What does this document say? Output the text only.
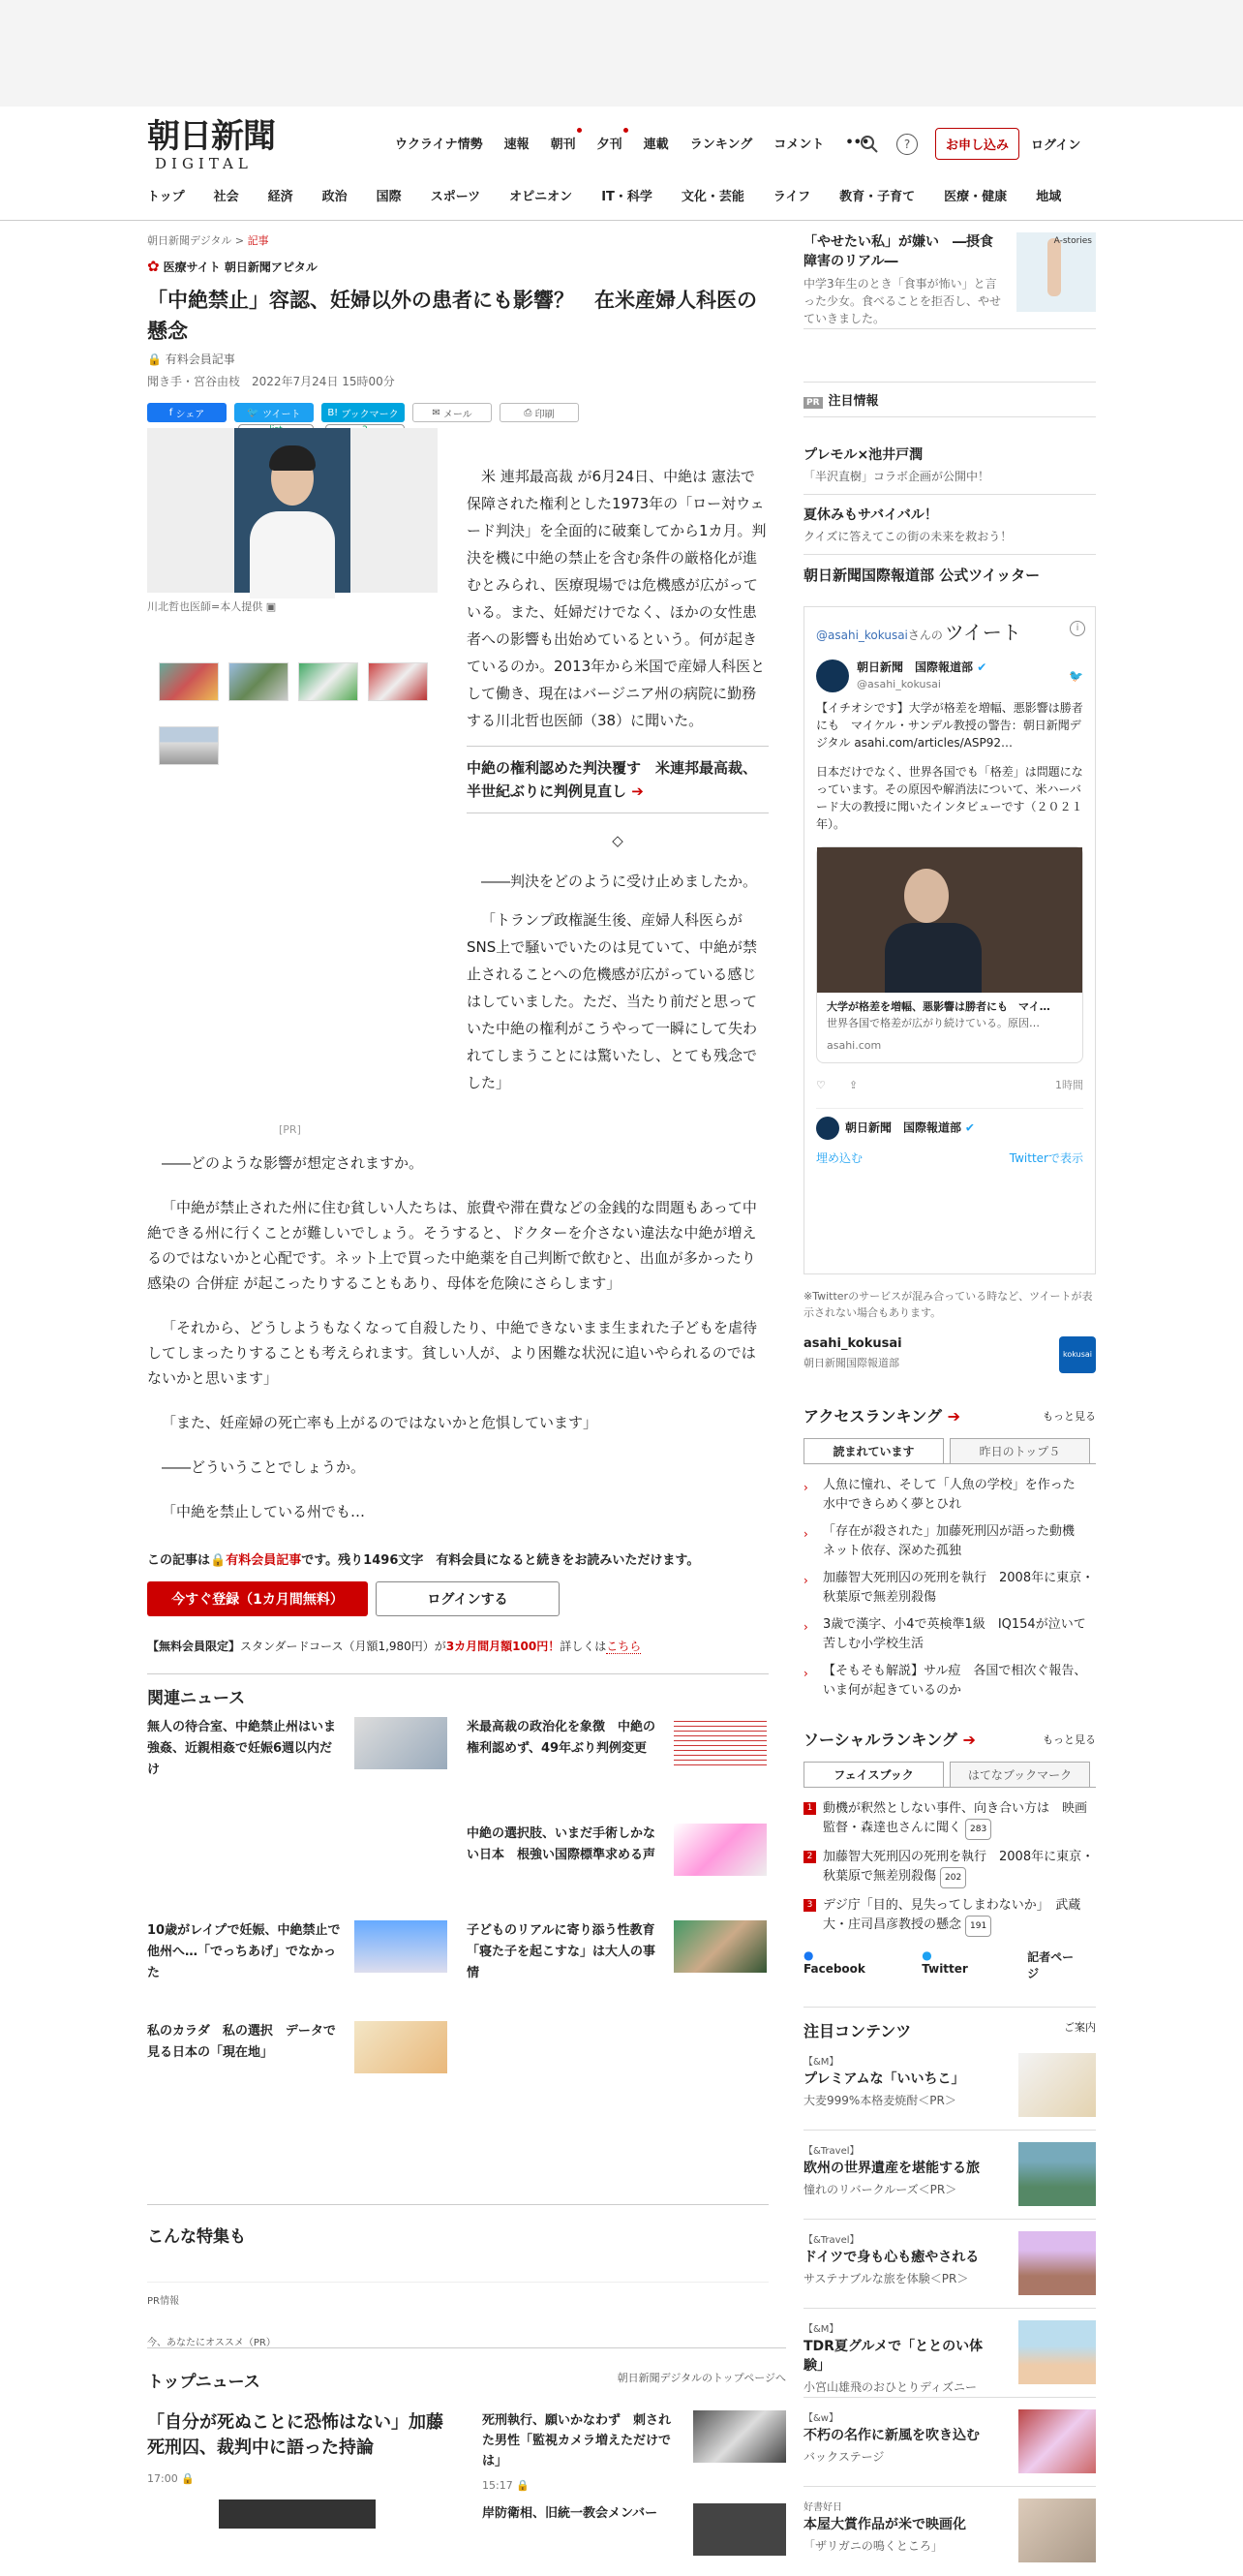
朝日新聞
DIGITAL
ウクライナ情勢 速報 朝刊 夕刊 連載 ランキング コメント •••	?	お申し込み	ログイン
トップ 社会 経済 政治 国際 スポーツ オピニオン IT・科学 文化・芸能 ライフ 教育・子育て 医療・健康 地域
朝日新聞デジタル > 記事
✿ 医療サイト 朝日新聞アピタル
「中絶禁止」容認、妊婦以外の患者にも影響？　在米産婦人科医の懸念
🔒 有料会員記事
聞き手・宮谷由枝　2022年7月24日 15時00分
f シェア	🐦 ツイート	B! ブックマーク	✉ メール	⎙ 印刷
川北哲也医師=本人提供 ▣
[PR]

米 連邦最高裁 が6月24日、中絶は 憲法で保障された権利とした1973年の「ロー対ウェード判決」を全面的に破棄してから1カ月。判決を機に中絶の禁止を含む条件の厳格化が進むとみられ、医療現場では危機感が広がっている。また、妊婦だけでなく、ほかの女性患者への影響も出始めているという。何が起きているのか。2013年から米国で産婦人科医として働き、現在はバージニア州の病院に勤務する川北哲也医師（38）に聞いた。

中絶の権利認めた判決覆す　米連邦最高裁、半世紀ぶりに判例見直し ➔
◇

――判決をどのように受け止めましたか。

「トランプ政権誕生後、産婦人科医らがSNS上で騒いでいたのは見ていて、中絶が禁止されることへの危機感が広がっている感じはしていました。ただ、当たり前だと思っていた中絶の権利がこうやって一瞬にして失われてしまうことには驚いたし、とても残念でした」

――どのような影響が想定されますか。

「中絶が禁止された州に住む貧しい人たちは、旅費や滞在費などの金銭的な問題もあって中絶できる州に行くことが難しいでしょう。そうすると、ドクターを介さない違法な中絶が増えるのではないかと心配です。ネット上で買った中絶薬を自己判断で飲むと、出血が多かったり感染の 合併症 が起こったりすることもあり、母体を危険にさらします」

「それから、どうしようもなくなって自殺したり、中絶できないまま生まれた子どもを虐待してしまったりすることも考えられます。貧しい人が、より困難な状況に追いやられるのではないかと思います」

「また、妊産婦の死亡率も上がるのではないかと危惧しています」

――どういうことでしょうか。

「中絶を禁止している州でも…

この記事は🔒有料会員記事です。残り1496文字　有料会員になると続きをお読みいただけます。
今すぐ登録（1カ月間無料）	ログインする
【無料会員限定】スタンダードコース（月額1,980円）が3カ月間月額100円！詳しくはこちら
関連ニュース
無人の待合室、中絶禁止州はいま　強姦、近親相姦で妊娠6週以内だけ
米最高裁の政治化を象徴　中絶の権利認めず、49年ぶり判例変更
中絶の選択肢、いまだ手術しかない日本　根強い国際標準求める声
10歳がレイプで妊娠、中絶禁止で他州へ…「でっちあげ」でなかった
子どものリアルに寄り添う性教育　「寝た子を起こすな」は大人の事情
私のカラダ　私の選択　データで見る日本の「現在地」
こんな特集も
PR情報
今、あなたにオススメ（PR）
トップニュース	朝日新聞デジタルのトップページへ
「自分が死ぬことに恐怖はない」加藤死刑囚、裁判中に語った持論
17:00 🔒
死刑執行、願いかなわず　刺された男性「監視カメラ増えただけでは」
15:17 🔒
岸防衛相、旧統一教会メンバー
「やせたい私」が嫌い　―摂食障害のリアル―
中学3年生のとき「食事が怖い」と言った少女。食べることを拒否し、やせていきました。
A-stories
PR 注目情報
プレモル×池井戸潤
「半沢直樹」コラボ企画が公開中！
夏休みもサバイバル！
クイズに答えてこの街の未来を救おう！
朝日新聞国際報道部 公式ツイッター
@asahi_kokusaiさんの ツイート	i
朝日新聞　国際報道部 ✔
@asahi_kokusai
🐦
【イチオシです】大学が格差を増幅、悪影響は勝者にも　マイケル・サンデル教授の警告：朝日新聞デジタル asahi.com/articles/ASP92…
日本だけでなく、世界各国でも「格差」は問題になっています。その原因や解消法について、米ハーバード大の教授に聞いたインタビューです（２０２１年）。
大学が格差を増幅、悪影響は勝者にも　マイ…
世界各国で格差が広がり続けている。原因…
asahi.com
♡ ⇪	1時間
朝日新聞　国際報道部 ✔
埋め込む	Twitterで表示
※Twitterのサービスが混み合っている時など、ツイートが表示されない場合もあります。
asahi_kokusai
朝日新聞国際報道部
kokusai
アクセスランキング ➔	もっと見る
読まれています	昨日のトップ５
› 人魚に憧れ、そして「人魚の学校」を作った　水中できらめく夢とひれ
› 「存在が殺された」加藤死刑囚が語った動機　ネット依存、深めた孤独
› 加藤智大死刑囚の死刑を執行　2008年に東京・秋葉原で無差別殺傷
› 3歳で漢字、小4で英検準1級　IQ154が泣いて苦しむ小学校生活
› 【そもそも解説】サル痘　各国で相次ぐ報告、いま何が起きているのか
ソーシャルランキング ➔	もっと見る
フェイスブック	はてなブックマーク
1 動機が釈然としない事件、向き合い方は　映画監督・森達也さんに聞く 283
2 加藤智大死刑囚の死刑を執行　2008年に東京・秋葉原で無差別殺傷 202
3 デジ庁「目的、見失ってしまわないか」　武蔵大・庄司昌彦教授の懸念 191
● Facebook
● Twitter
記者ページ
注目コンテンツ	ご案内
【&M】
プレミアムな「いいちこ」
大麦999%本格麦焼酎＜PR＞
【&Travel】
欧州の世界遺産を堪能する旅
憧れのリバークルーズ＜PR＞
【&Travel】
ドイツで身も心も癒やされる
サステナブルな旅を体験＜PR＞
【&M】
TDR夏グルメで「ととのい体験」
小宮山雄飛のおひとりディズニー
【&w】
不朽の名作に新風を吹き込む
バックステージ
好書好日
本屋大賞作品が米で映画化
「ザリガニの鳴くところ」
